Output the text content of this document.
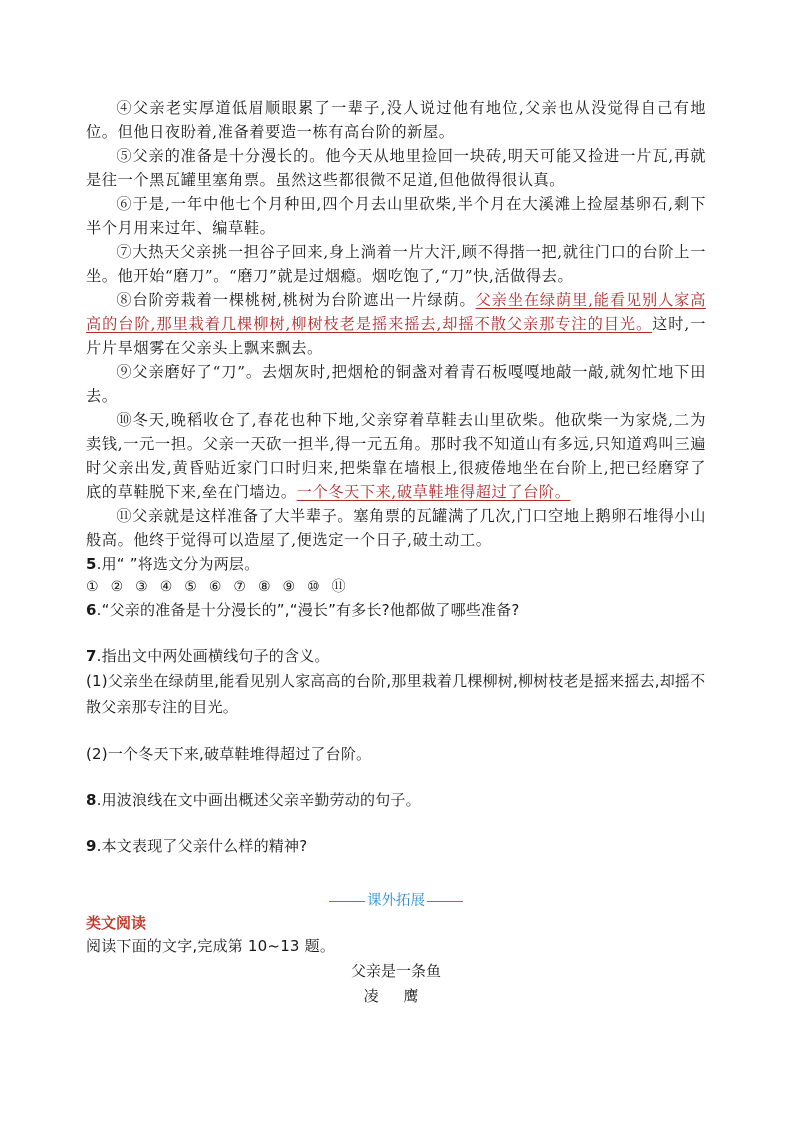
④父亲老实厚道低眉顺眼累了一辈子,没人说过他有地位,父亲也从没觉得自己有地位。但他日夜盼着,准备着要造一栋有高台阶的新屋。

⑤父亲的准备是十分漫长的。他今天从地里捡回一块砖,明天可能又捡进一片瓦,再就是往一个黑瓦罐里塞角票。虽然这些都很微不足道,但他做得很认真。

⑥于是,一年中他七个月种田,四个月去山里砍柴,半个月在大溪滩上捡屋基卵石,剩下半个月用来过年、编草鞋。

⑦大热天父亲挑一担谷子回来,身上淌着一片大汗,顾不得揩一把,就往门口的台阶上一坐。他开始“磨刀”。“磨刀”就是过烟瘾。烟吃饱了,“刀”快,活做得去。

⑧台阶旁栽着一棵桃树,桃树为台阶遮出一片绿荫。父亲坐在绿荫里,能看见别人家高高的台阶,那里栽着几棵柳树,柳树枝老是摇来摇去,却摇不散父亲那专注的目光。这时,一片片旱烟雾在父亲头上飘来飘去。

⑨父亲磨好了“刀”。去烟灰时,把烟枪的铜盏对着青石板嘎嘎地敲一敲,就匆忙地下田去。

⑩冬天,晚稻收仓了,春花也种下地,父亲穿着草鞋去山里砍柴。他砍柴一为家烧,二为卖钱,一元一担。父亲一天砍一担半,得一元五角。那时我不知道山有多远,只知道鸡叫三遍时父亲出发,黄昏贴近家门口时归来,把柴靠在墙根上,很疲倦地坐在台阶上,把已经磨穿了底的草鞋脱下来,垒在门墙边。一个冬天下来,破草鞋堆得超过了台阶。

⑪父亲就是这样准备了大半辈子。塞角票的瓦罐满了几次,门口空地上鹅卵石堆得小山般高。他终于觉得可以造屋了,便选定一个日子,破土动工。

5.用“ ”将选文分为两层。

① ② ③ ④ ⑤ ⑥ ⑦ ⑧ ⑨ ⑩ ⑪

6.“父亲的准备是十分漫长的”,“漫长”有多长?他都做了哪些准备?

7.指出文中两处画横线句子的含义。

(1)父亲坐在绿荫里,能看见别人家高高的台阶,那里栽着几棵柳树,柳树枝老是摇来摇去,却摇不散父亲那专注的目光。

(2)一个冬天下来,破草鞋堆得超过了台阶。

8.用波浪线在文中画出概述父亲辛勤劳动的句子。

9.本文表现了父亲什么样的精神?

课外拓展

类文阅读

阅读下面的文字,完成第 10~13 题。

父亲是一条鱼

凌 鹰
